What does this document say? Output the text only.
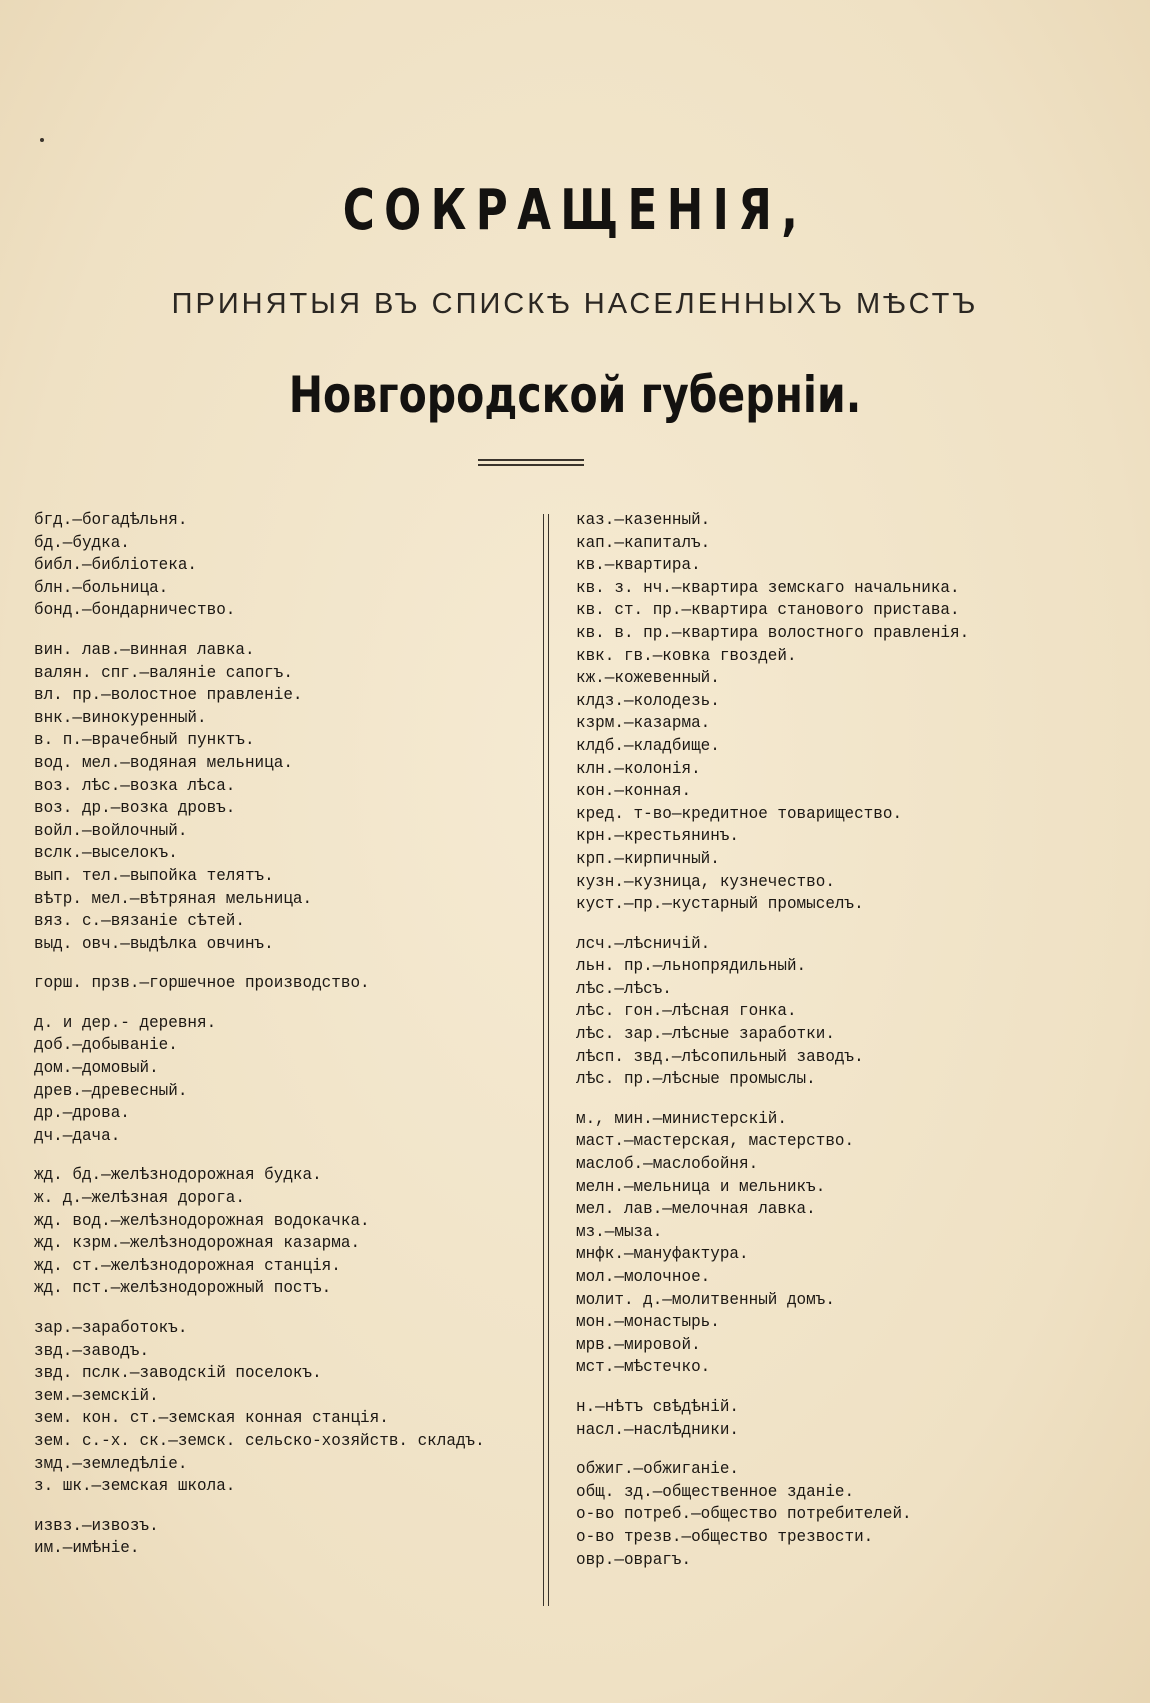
СОКРАЩЕНІЯ,
ПРИНЯТЫЯ ВЪ СПИСКѢ НАСЕЛЕННЫХЪ МѢСТЪ
Новгородской губерніи.
бгд.—богадѣльня.
бд.—будка.
библ.—библіотека.
блн.—больница.
бонд.—бондарничество.
вин. лав.—винная лавка.
валян. спг.—валяніе сапогъ.
вл. пр.—волостное правленіе.
внк.—винокуренный.
в. п.—врачебный пунктъ.
вод. мел.—водяная мельница.
воз. лѣс.—возка лѣса.
воз. др.—возка дровъ.
войл.—войлочный.
вслк.—выселокъ.
вып. тел.—выпойка телятъ.
вѣтр. мел.—вѣтряная мельница.
вяз. с.—вязаніе сѣтей.
выд. овч.—выдѣлка овчинъ.
горш. прзв.—горшечное производство.
д. и дер.- деревня.
доб.—добываніе.
дом.—домовый.
древ.—древесный.
др.—дрова.
дч.—дача.
жд. бд.—желѣзнодорожная будка.
ж. д.—желѣзная дорога.
жд. вод.—желѣзнодорожная водокачка.
жд. кзрм.—желѣзнодорожная казарма.
жд. ст.—желѣзнодорожная станція.
жд. пст.—желѣзнодорожный постъ.
зар.—заработокъ.
звд.—заводъ.
звд. пслк.—заводскій поселокъ.
зем.—земскій.
зем. кон. ст.—земская конная станція.
зем. с.-х. ск.—земск. сельско-хозяйств. складъ.
змд.—земледѣліе.
з. шк.—земская школа.
извз.—извозъ.
им.—имѣніе.
каз.—казенный.
кап.—капиталъ.
кв.—квартира.
кв. з. нч.—квартира земскаго начальника.
кв. ст. пр.—квартира становоrо пристава.
кв. в. пр.—квартира волостного правленія.
квк. гв.—ковка гвоздей.
кж.—кожевенный.
клдз.—колодезь.
кзрм.—казарма.
клдб.—кладбище.
клн.—колонія.
кон.—конная.
кред. т-во—кредитное товарищество.
крн.—крестьянинъ.
крп.—кирпичный.
кузн.—кузница, кузнечество.
куст.—пр.—кустарный промыселъ.
лсч.—лѣсничій.
льн. пр.—льнопрядильный.
лѣс.—лѣсъ.
лѣс. гон.—лѣсная гонка.
лѣс. зар.—лѣсные заработки.
лѣсп. звд.—лѣсопильный заводъ.
лѣс. пр.—лѣсные промыслы.
м., мин.—министерскій.
маст.—мастерская, мастерство.
маслоб.—маслобойня.
мелн.—мельница и мельникъ.
мел. лав.—мелочная лавка.
мз.—мыза.
мнфк.—мануфактура.
мол.—молочное.
молит. д.—молитвенный домъ.
мон.—монастырь.
мрв.—мировой.
мст.—мѣстечко.
н.—нѣтъ свѣдѣній.
насл.—наслѣдники.
обжиг.—обжиганіе.
общ. зд.—общественное зданіе.
о-во потреб.—общество потребителей.
о-во трезв.—общество трезвости.
овр.—оврагъ.
